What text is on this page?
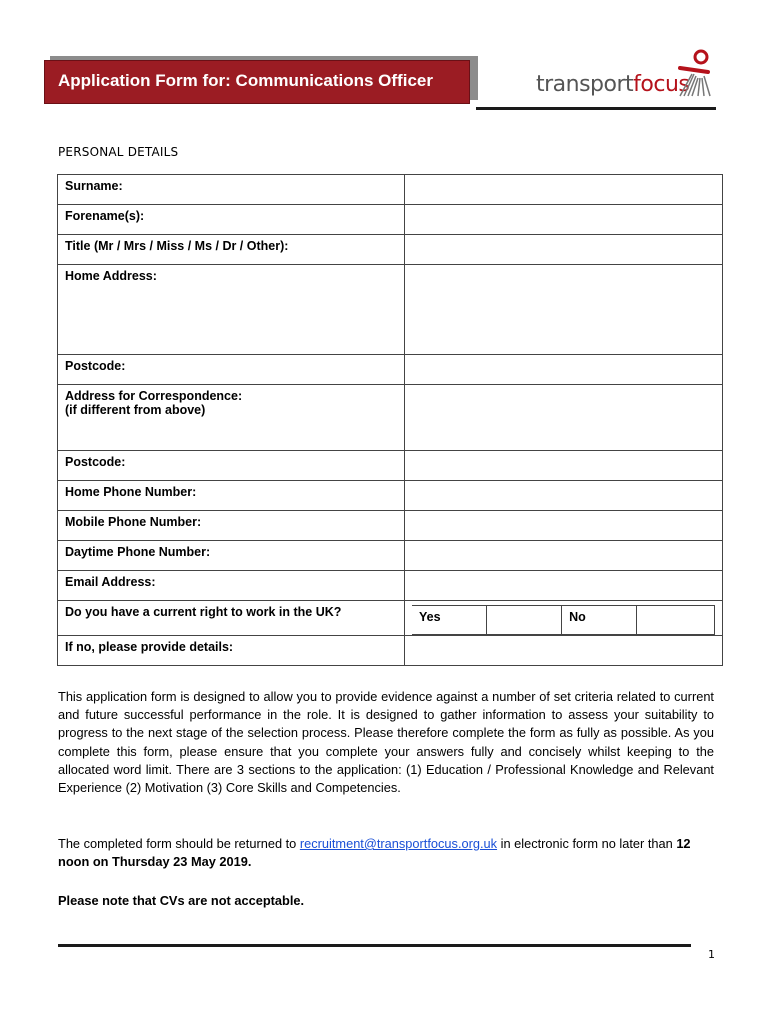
Application Form for: Communications Officer	transportfocus
PERSONAL DETAILS
Surname:	
Forename(s):	
Title (Mr / Mrs / Miss / Ms / Dr / Other):	
Home Address:	
Postcode:	

Address for Correspondence:
(if different from above)

Postcode:	
Home Phone Number:	
Mobile Phone Number:	
Daytime Phone Number:	
Email Address:	
Do you have a current right to work in the UK?		Yes		No	

If no, please provide details:	
This application form is designed to allow you to provide evidence against a number of set criteria related to current and future successful performance in the role. It is designed to gather information to assess your suitability to progress to the next stage of the selection process. Please therefore complete the form as fully as possible. As you complete this form, please ensure that you complete your answers fully and concisely whilst keeping to the allocated word limit. There are 3 sections to the application: (1) Education / Professional Knowledge and Relevant Experience (2) Motivation (3) Core Skills and Competencies.
The completed form should be returned to recruitment@transportfocus.org.uk in electronic form no later than 12 noon on Thursday 23 May 2019.
Please note that CVs are not acceptable.
1
